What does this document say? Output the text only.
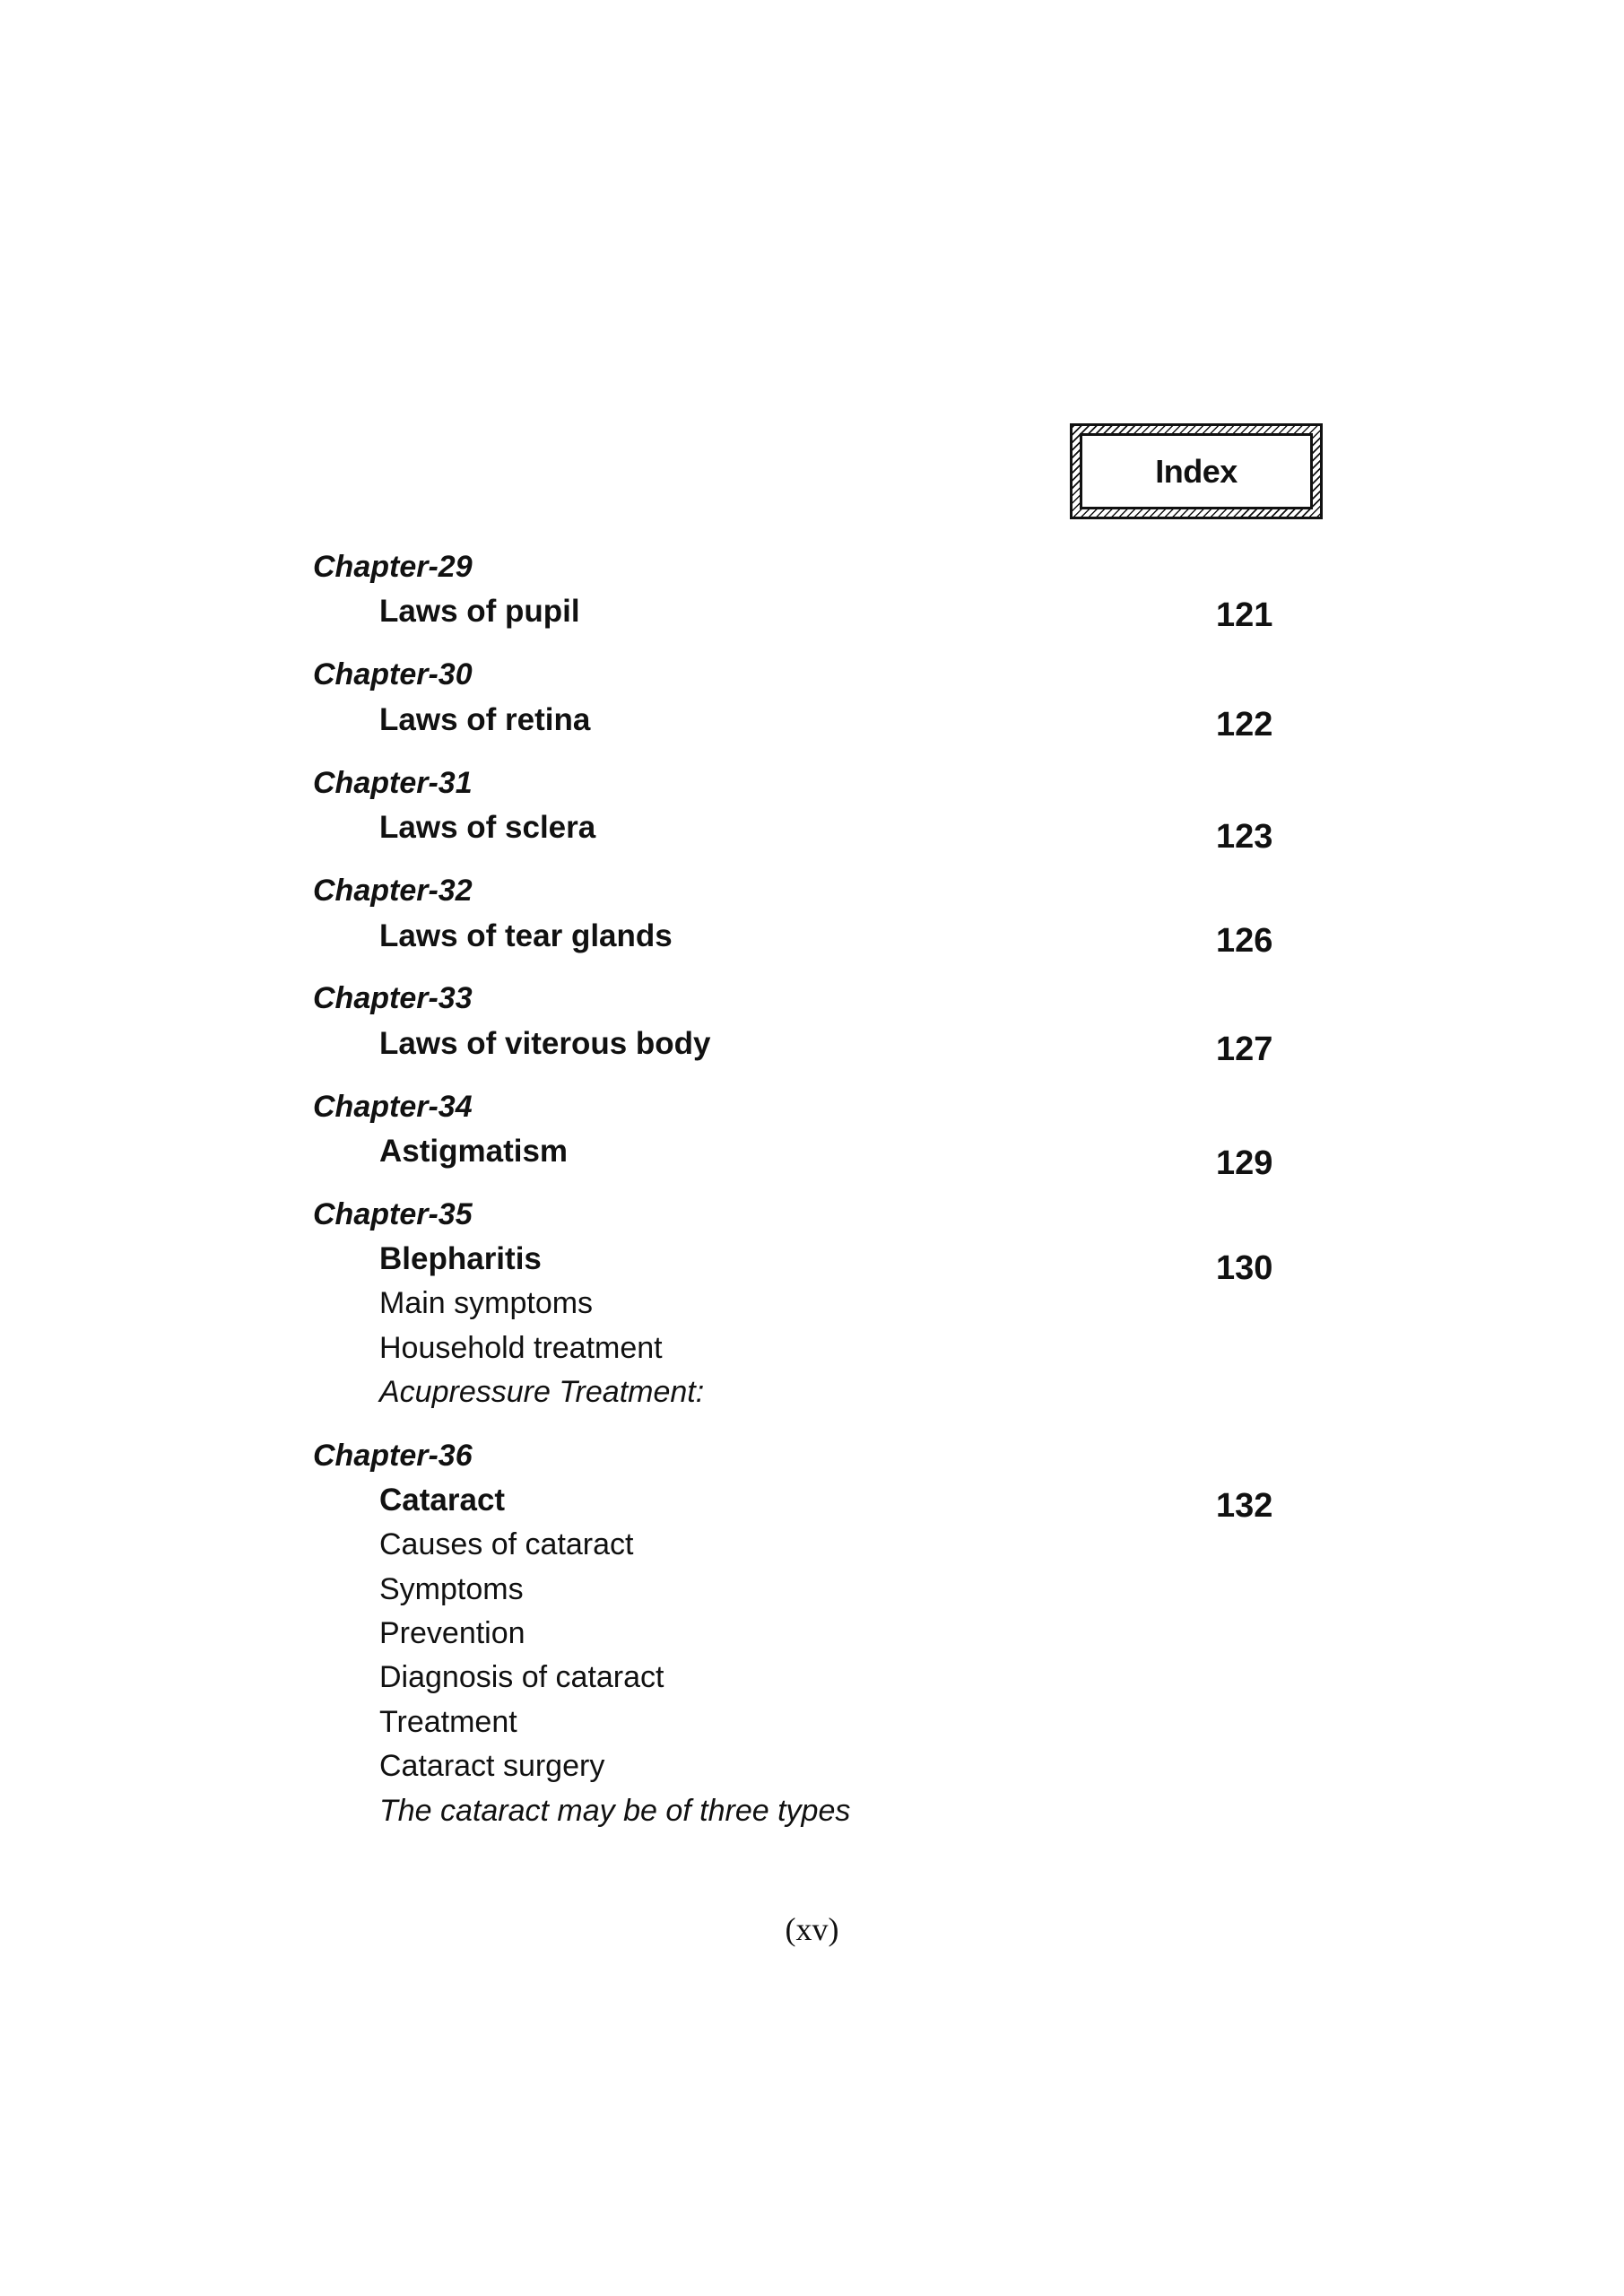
Index
Chapter-29
Laws of pupil	121
Chapter-30
Laws of retina	122
Chapter-31
Laws of sclera	123
Chapter-32
Laws of tear glands	126
Chapter-33
Laws of viterous body	127
Chapter-34
Astigmatism	129
Chapter-35
Blepharitis	130
Main symptoms
Household treatment
Acupressure Treatment:
Chapter-36
Cataract	132
Causes of cataract
Symptoms
Prevention
Diagnosis of cataract
Treatment
Cataract surgery
The cataract may be of three types
(xv)
